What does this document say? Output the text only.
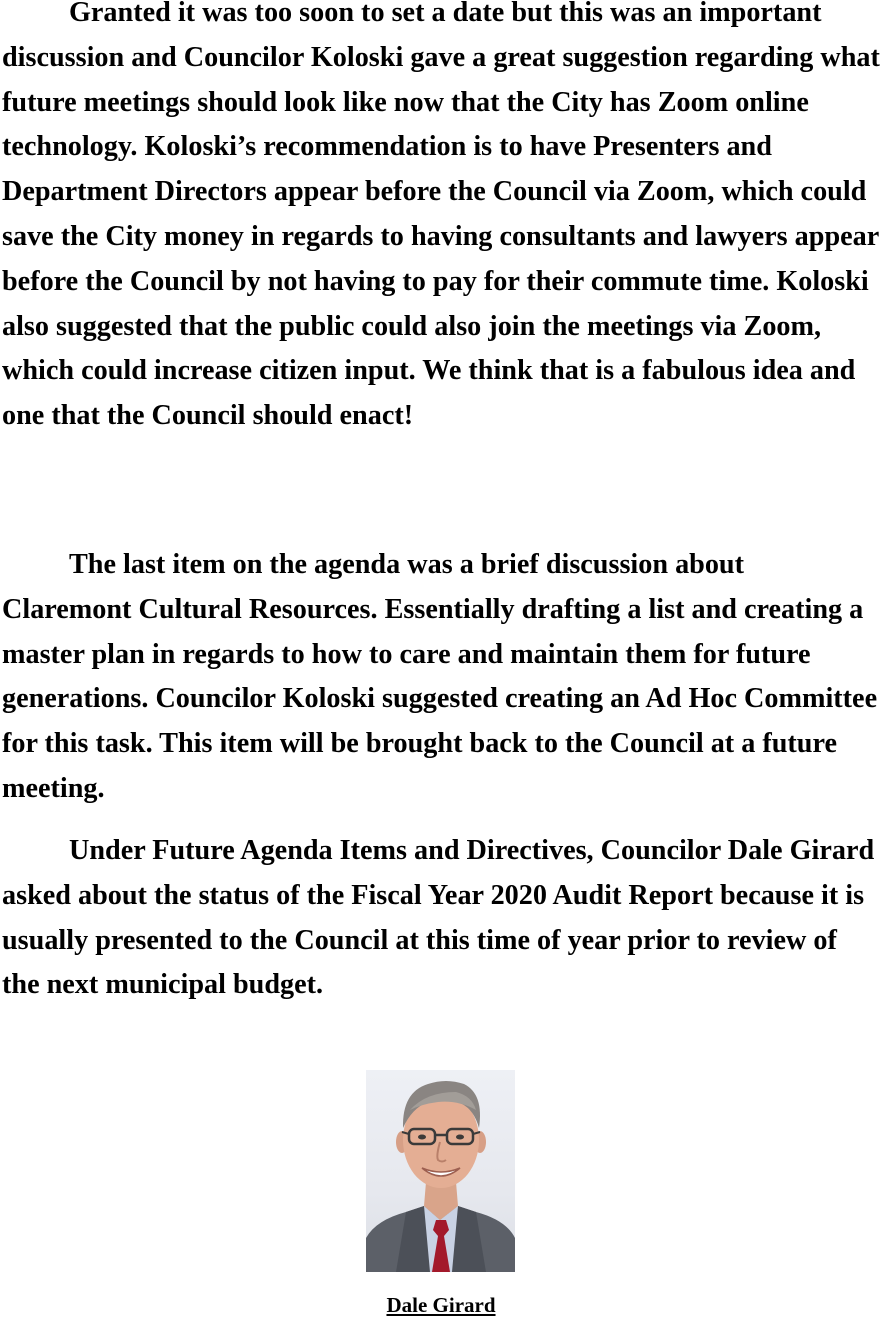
Granted it was too soon to set a date but this was an important discussion and Councilor Koloski gave a great suggestion regarding what future meetings should look like now that the City has Zoom online technology. Koloski’s recommendation is to have Presenters and Department Directors appear before the Council via Zoom, which could save the City money in regards to having consultants and lawyers appear before the Council by not having to pay for their commute time. Koloski also suggested that the public could also join the meetings via Zoom, which could increase citizen input. We think that is a fabulous idea and one that the Council should enact!

The last item on the agenda was a brief discussion about Claremont Cultural Resources. Essentially drafting a list and creating a master plan in regards to how to care and maintain them for future generations. Councilor Koloski suggested creating an Ad Hoc Committee for this task. This item will be brought back to the Council at a future meeting.

Under Future Agenda Items and Directives, Councilor Dale Girard asked about the status of the Fiscal Year 2020 Audit Report because it is usually presented to the Council at this time of year prior to review of the next municipal budget.

Dale Girard
